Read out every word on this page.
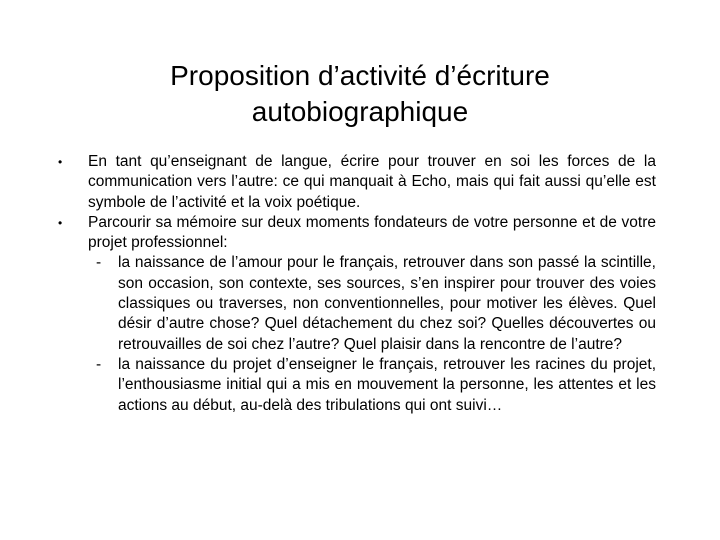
Proposition d’activité d’écriture
autobiographique
• En tant qu’enseignant de langue, écrire pour trouver en soi les forces de la communication vers l’autre: ce qui manquait à Echo, mais qui fait aussi qu’elle est symbole de l’activité et la voix poétique.
• Parcourir sa mémoire sur deux moments fondateurs de votre personne et de votre projet professionnel:
- la naissance de l’amour pour le français, retrouver dans son passé la scintille, son occasion, son contexte, ses sources, s’en inspirer pour trouver des voies classiques ou traverses, non conventionnelles, pour motiver les élèves. Quel désir d’autre chose? Quel détachement du chez soi? Quelles découvertes ou retrouvailles de soi chez l’autre? Quel plaisir dans la rencontre de l’autre?
- la naissance du projet d’enseigner le français, retrouver les racines du projet, l’enthousiasme initial qui a mis en mouvement la personne, les attentes et les actions au début, au-delà des tribulations qui ont suivi…
